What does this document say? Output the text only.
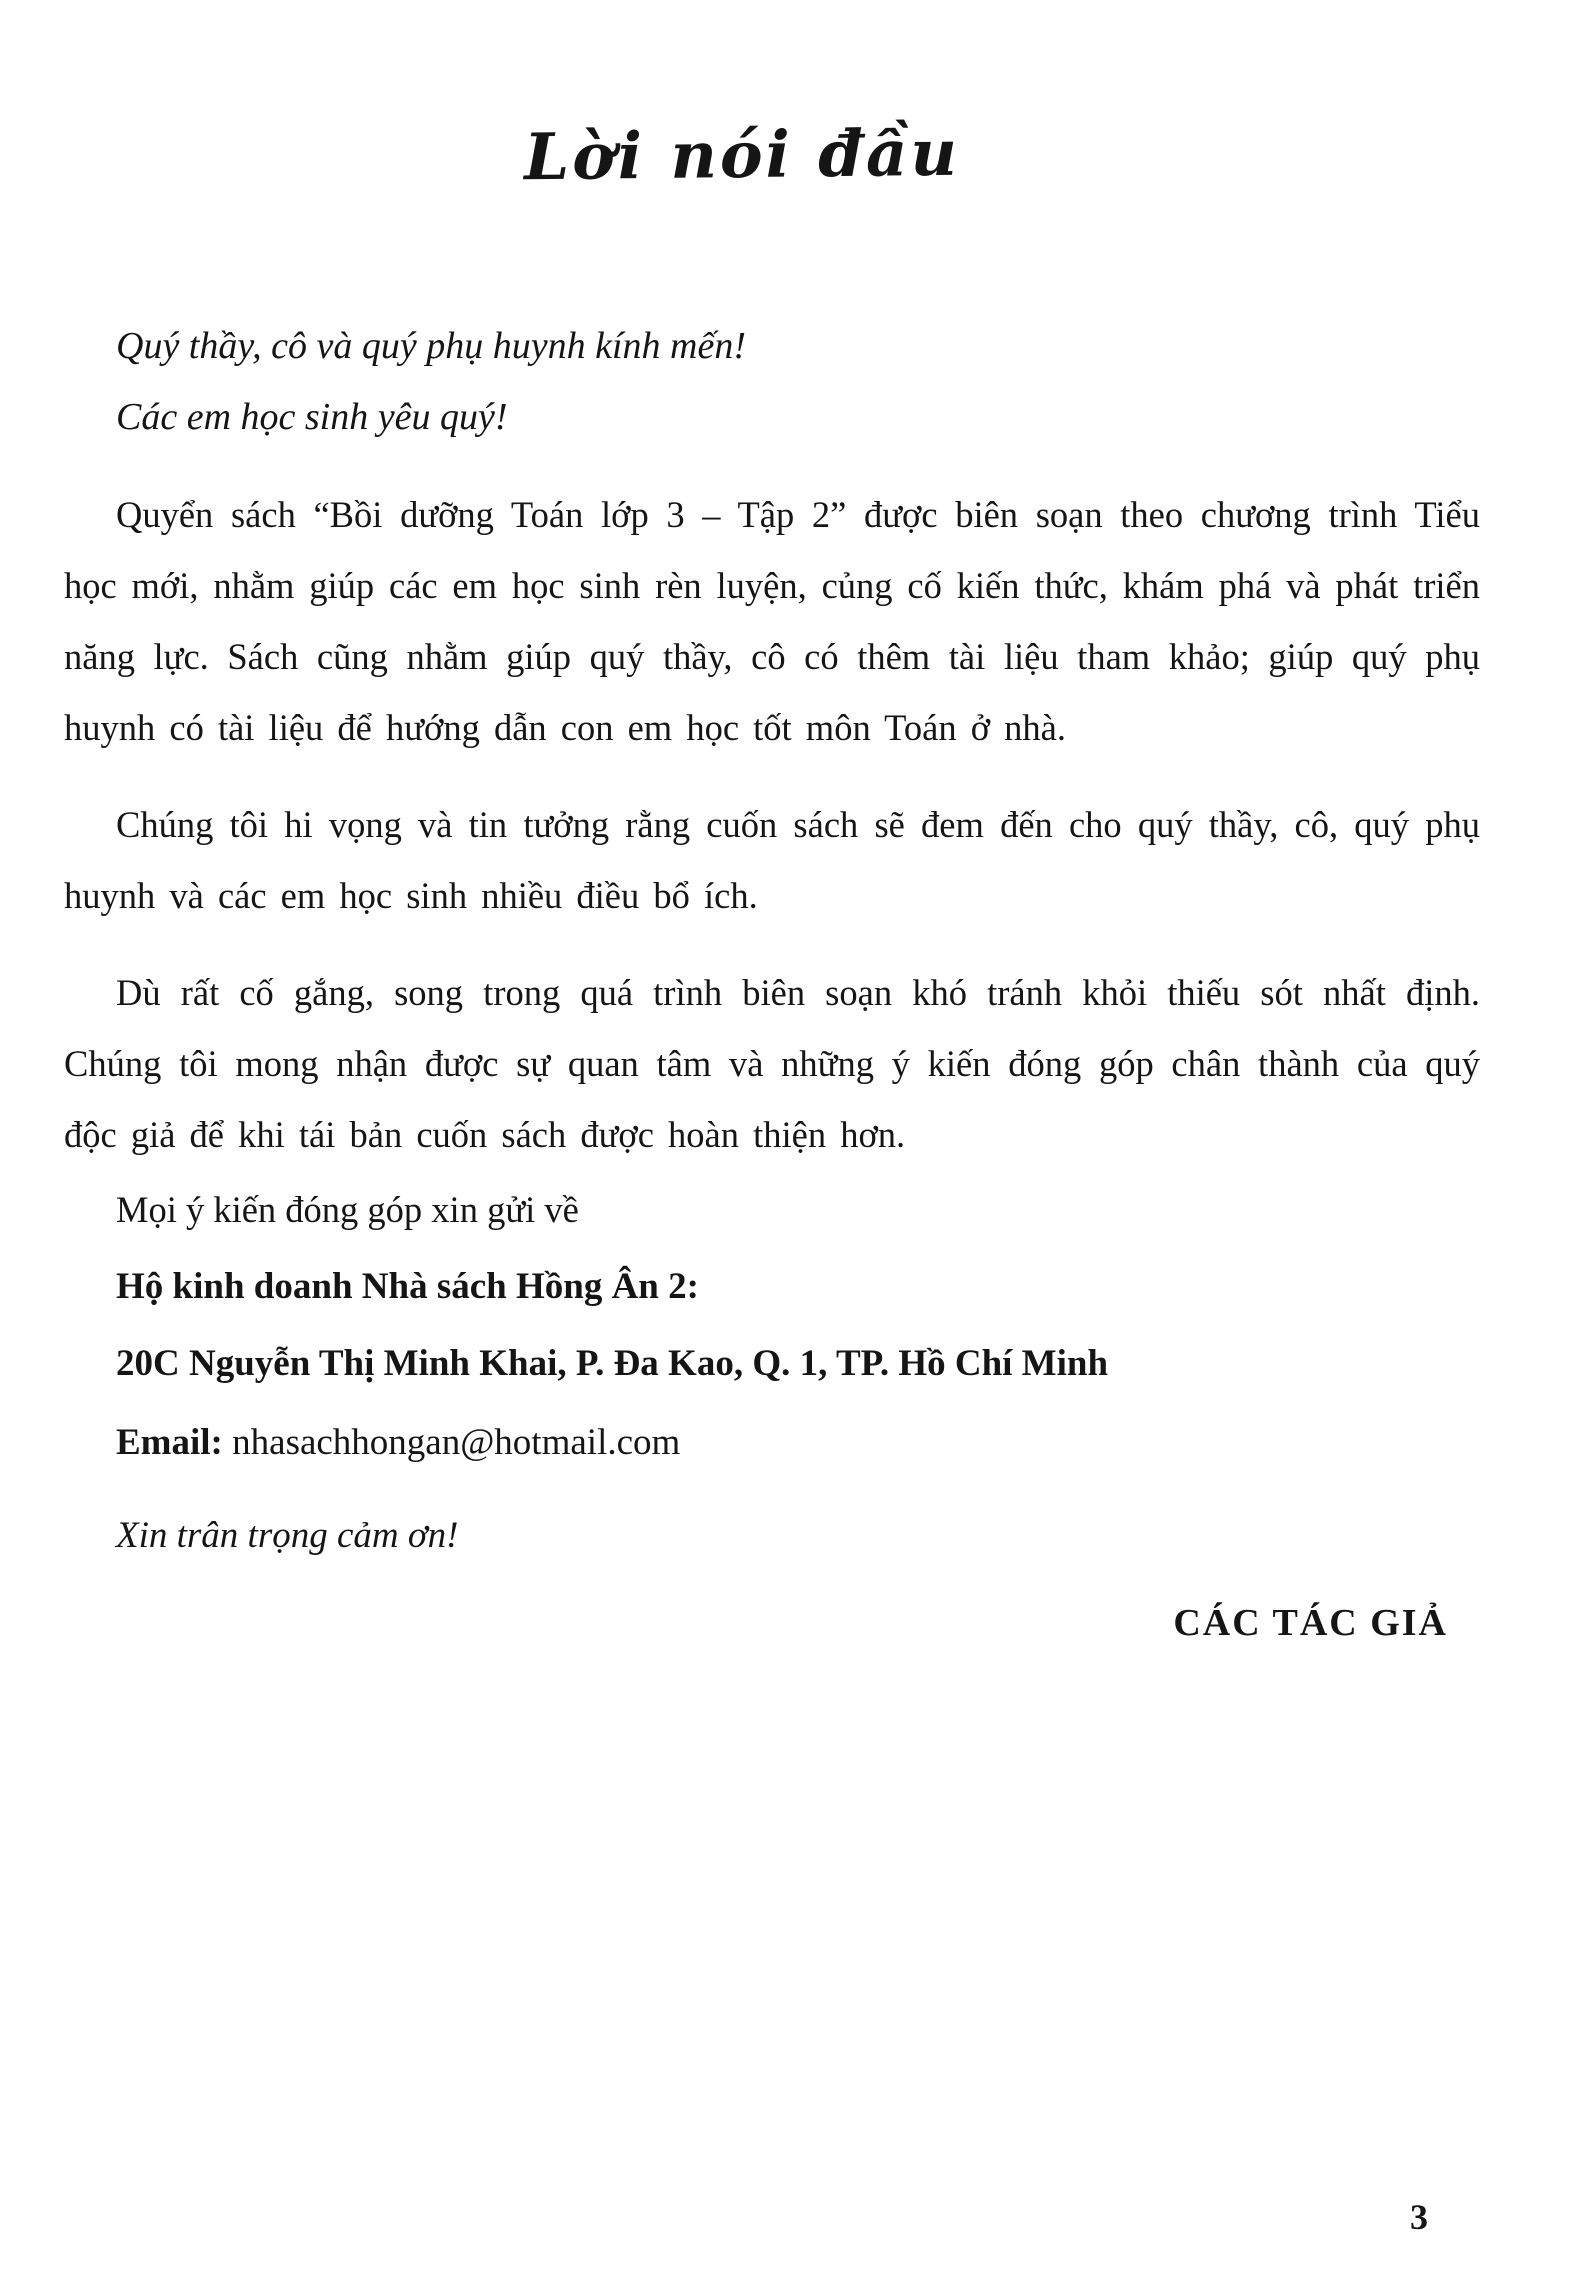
Lời nói đầu

Quý thầy, cô và quý phụ huynh kính mến!

Các em học sinh yêu quý!

Quyển sách “Bồi dưỡng Toán lớp 3 – Tập 2” được biên soạn theo chương trình Tiểu học mới, nhằm giúp các em học sinh rèn luyện, củng cố kiến thức, khám phá và phát triển năng lực. Sách cũng nhằm giúp quý thầy, cô có thêm tài liệu tham khảo; giúp quý phụ huynh có tài liệu để hướng dẫn con em học tốt môn Toán ở nhà.

Chúng tôi hi vọng và tin tưởng rằng cuốn sách sẽ đem đến cho quý thầy, cô, quý phụ huynh và các em học sinh nhiều điều bổ ích.

Dù rất cố gắng, song trong quá trình biên soạn khó tránh khỏi thiếu sót nhất định. Chúng tôi mong nhận được sự quan tâm và những ý kiến đóng góp chân thành của quý độc giả để khi tái bản cuốn sách được hoàn thiện hơn.

Mọi ý kiến đóng góp xin gửi về

Hộ kinh doanh Nhà sách Hồng Ân 2:

20C Nguyễn Thị Minh Khai, P. Đa Kao, Q. 1, TP. Hồ Chí Minh

Email: nhasachhongan@hotmail.com

Xin trân trọng cảm ơn!

CÁC TÁC GIẢ

3
